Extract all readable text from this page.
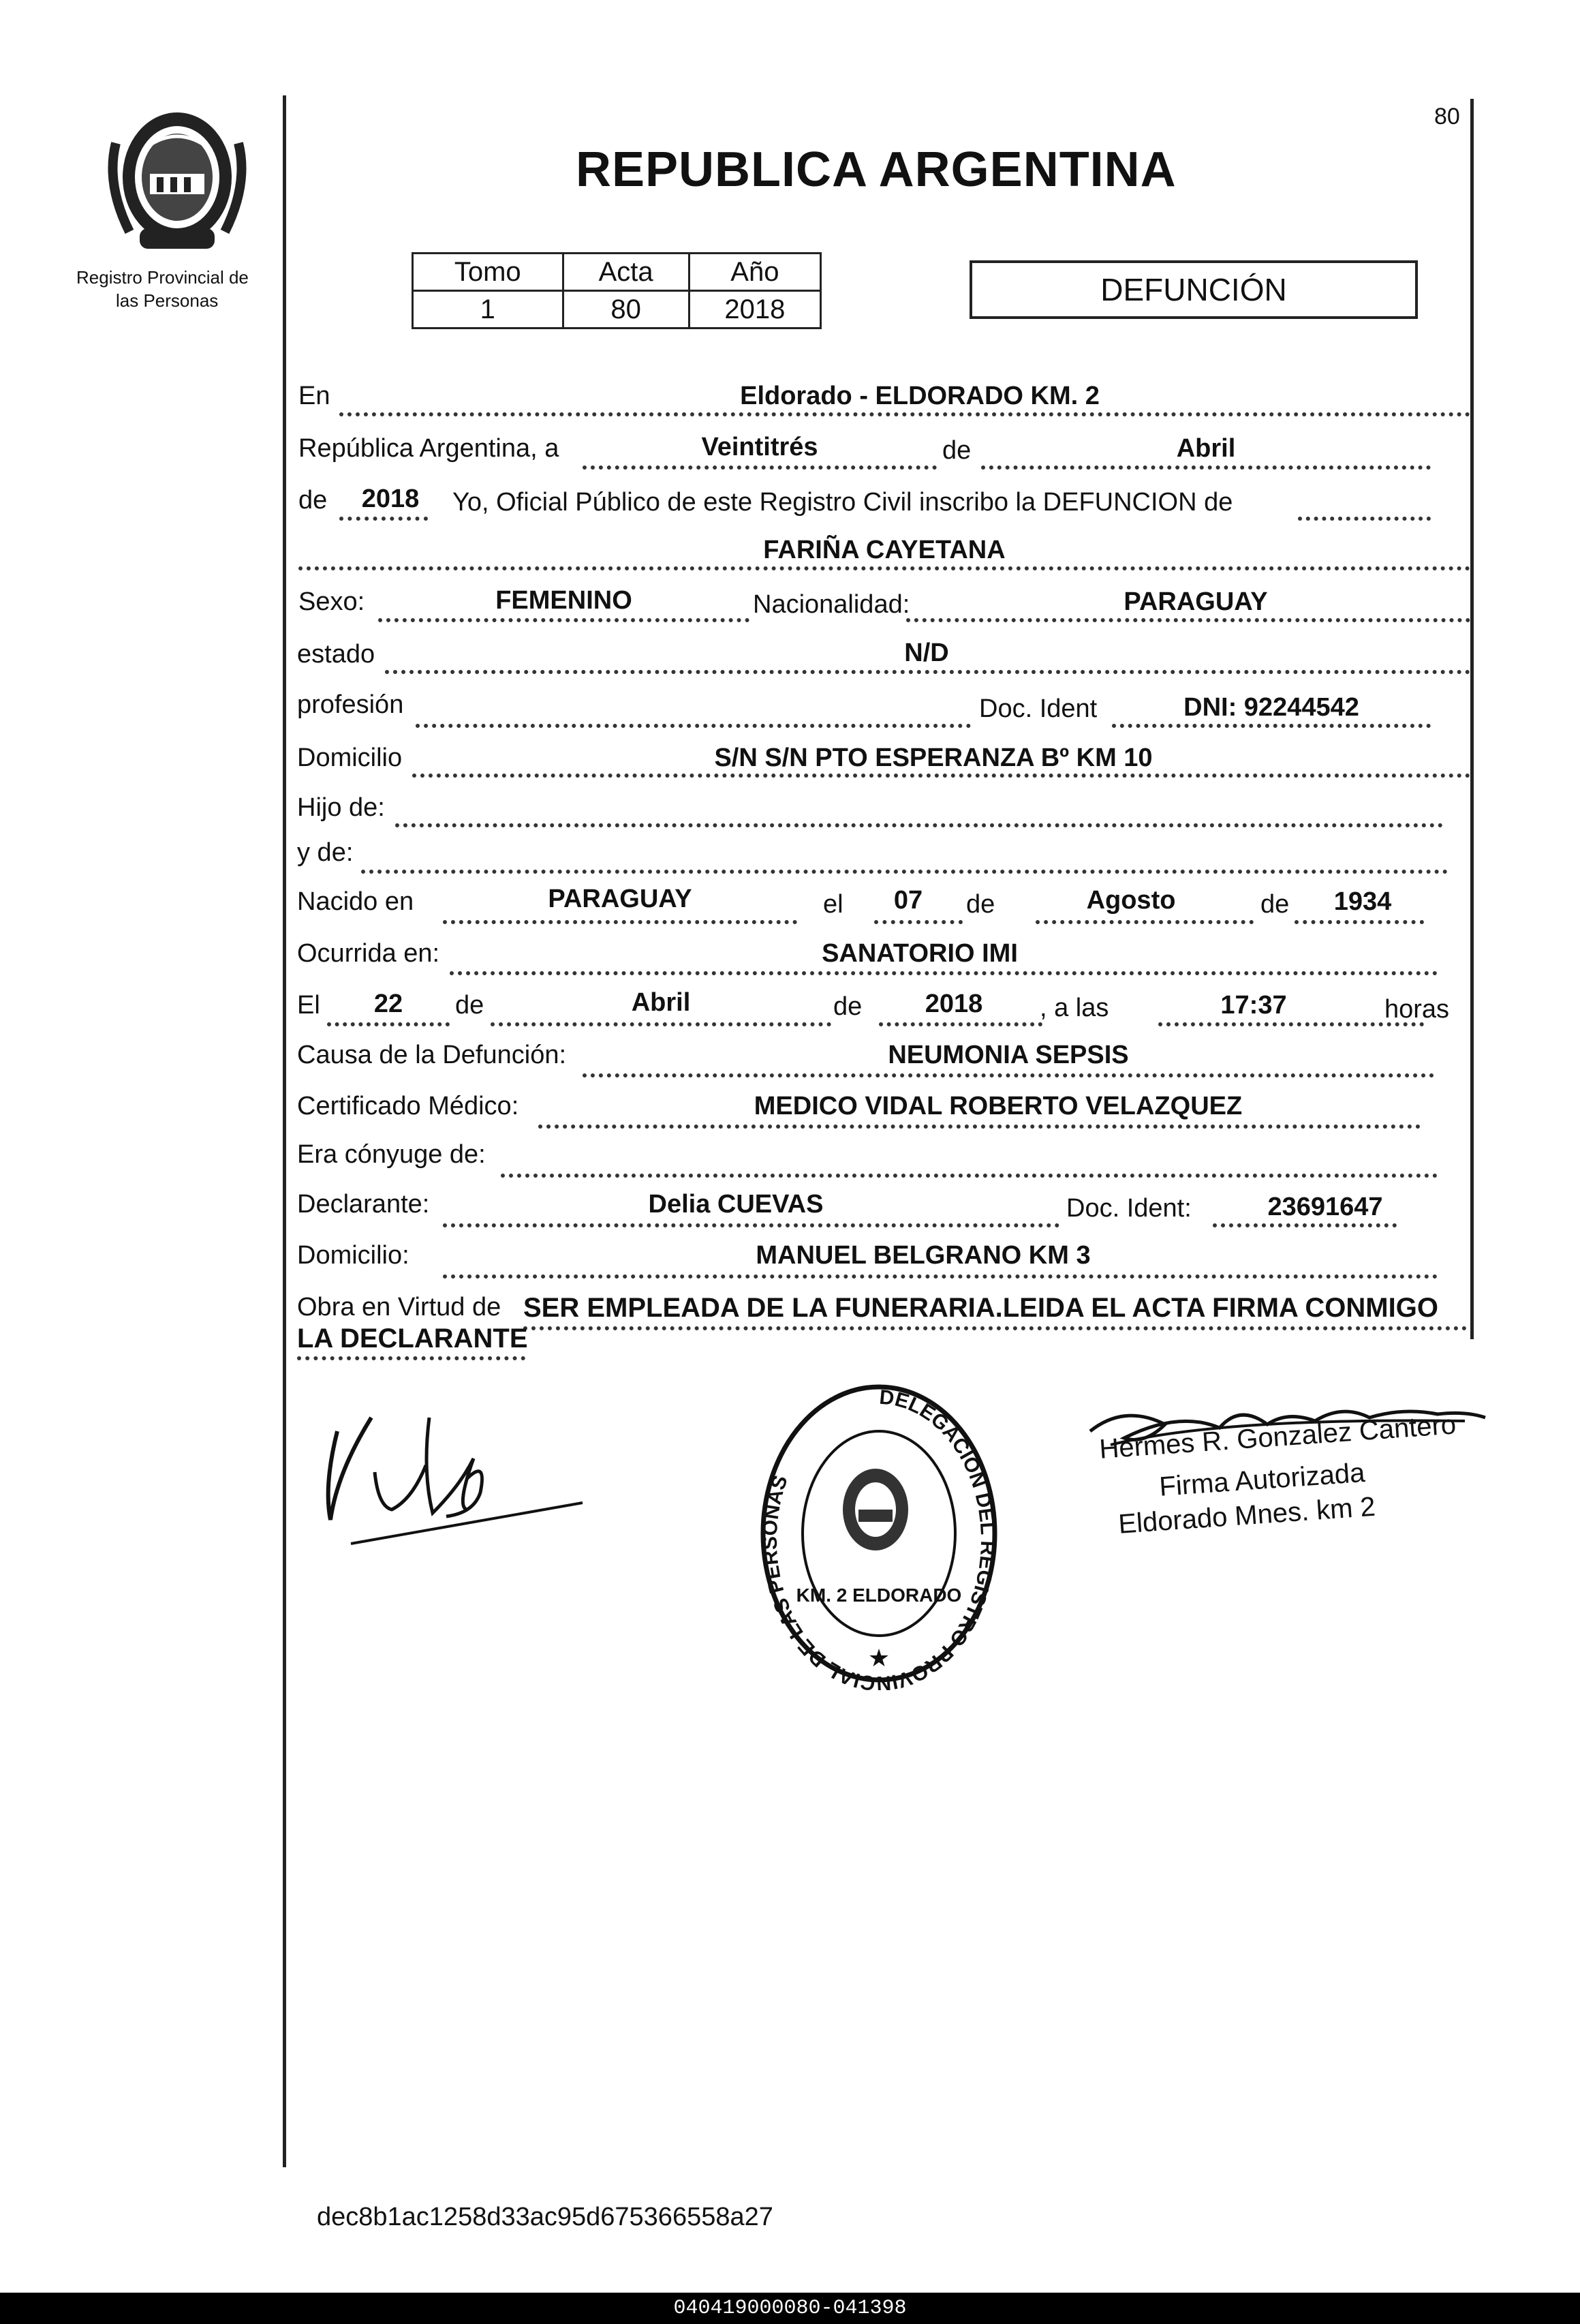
Registro Provincial de
las Personas
80
REPUBLICA ARGENTINA
Tomo	Acta	Año
1	80	2018
DEFUNCIÓN
En	Eldorado - ELDORADO KM. 2
República Argentina, a	Veintitrés	de	Abril
de	2018	Yo, Oficial Público de este Registro Civil inscribo la DEFUNCION de
FARIÑA CAYETANA
Sexo:	FEMENINO	Nacionalidad:	PARAGUAY
estado	N/D
profesión	Doc. Ident	DNI: 92244542
Domicilio	S/N S/N PTO ESPERANZA Bº KM 10
Hijo de:
y de:
Nacido en	PARAGUAY	el	07	de	Agosto	de	1934
Ocurrida en:	SANATORIO IMI
El	22	de	Abril	de	2018	, a las	17:37	horas
Causa de la Defunción:	NEUMONIA SEPSIS
Certificado Médico:	MEDICO VIDAL ROBERTO VELAZQUEZ
Era cónyuge de:
Declarante:	Delia CUEVAS	Doc. Ident:	23691647
Domicilio:	MANUEL BELGRANO KM 3
Obra en Virtud de SER EMPLEADA DE LA FUNERARIA.LEIDA EL ACTA FIRMA CONMIGO
LA DECLARANTE
DELEGACION DEL REGISTRO PROVINCIAL DE LAS PERSONAS
KM. 2 ELDORADO
★
Hermes R. Gonzalez Cantero
Firma Autorizada
Eldorado Mnes. km 2
dec8b1ac1258d33ac95d675366558a27
040419000080-041398
